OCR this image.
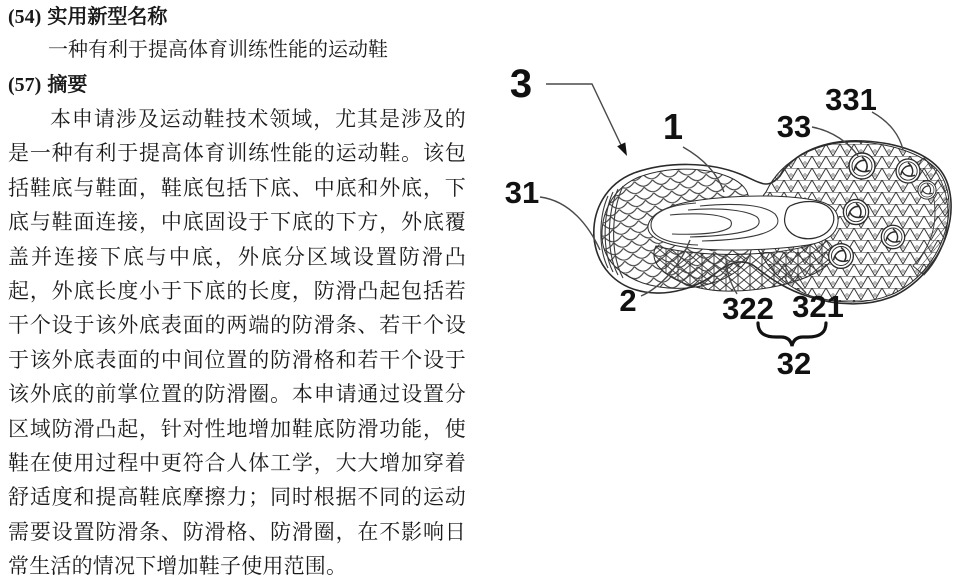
(54) 实用新型名称
一种有利于提高体育训练性能的运动鞋
(57) 摘要

本申请涉及运动鞋技术领域，尤其是涉及的是一种有利于提高体育训练性能的运动鞋。该包括鞋底与鞋面，鞋底包括下底、中底和外底，下底与鞋面连接，中底固设于下底的下方，外底覆盖并连接下底与中底，外底分区域设置防滑凸起，外底长度小于下底的长度，防滑凸起包括若干个设于该外底表面的两端的防滑条、若干个设于该外底表面的中间位置的防滑格和若干个设于该外底的前掌位置的防滑圈。本申请通过设置分区域防滑凸起，针对性地增加鞋底防滑功能，使鞋在使用过程中更符合人体工学，大大增加穿着舒适度和提高鞋底摩擦力；同时根据不同的运动需要设置防滑条、防滑格、防滑圈，在不影响日常生活的情况下增加鞋子使用范围。

3
1	33
331
31
2	322 321
32
